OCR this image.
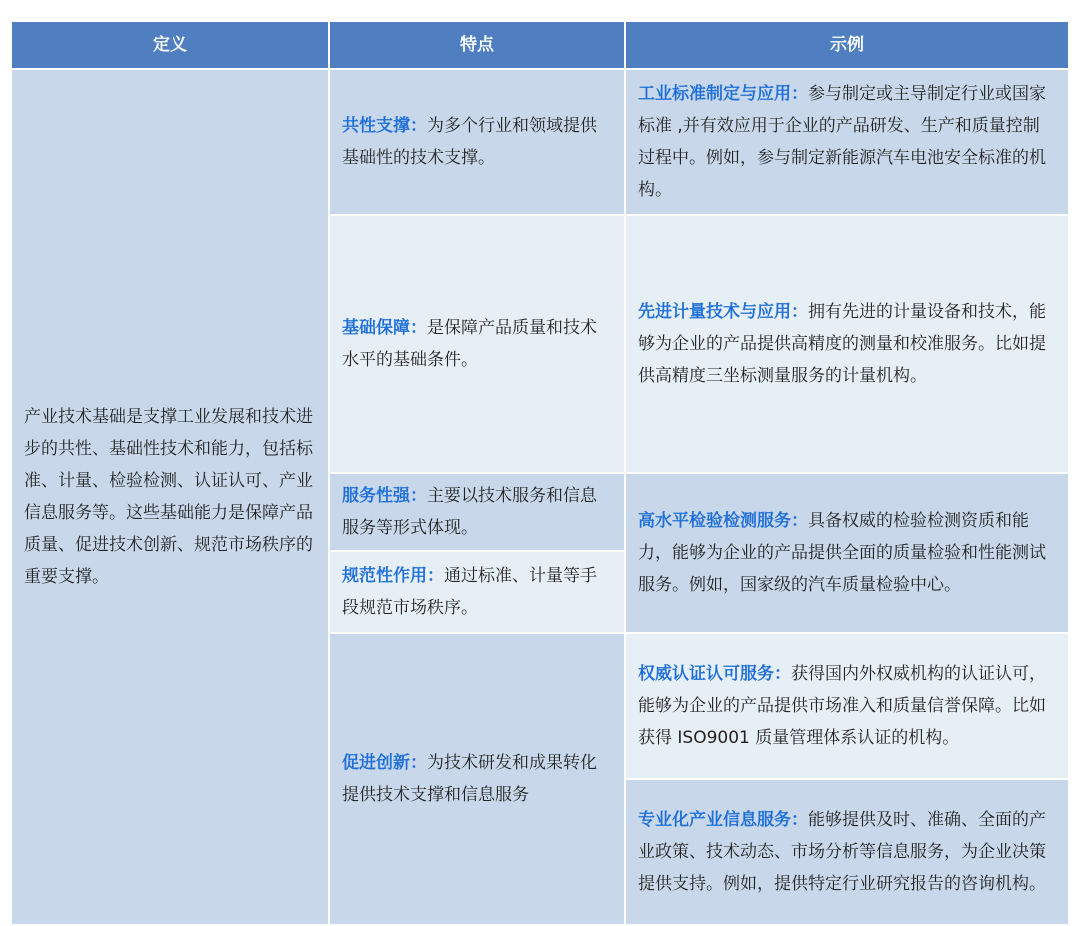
定义	特点	示例
产业技术基础是支撑工业发展和技术进步的共性、基础性技术和能力，包括标准、计量、检验检测、认证认可、产业信息服务等。这些基础能力是保障产品质量、促进技术创新、规范市场秩序的重要支撑。
共性支撑：为多个行业和领域提供基础性的技术支撑。
基础保障：是保障产品质量和技术水平的基础条件。
服务性强：主要以技术服务和信息服务等形式体现。
规范性作用：通过标准、计量等手段规范市场秩序。
促进创新：为技术研发和成果转化提供技术支撑和信息服务
工业标准制定与应用：参与制定或主导制定行业或国家标准 ,并有效应用于企业的产品研发、生产和质量控制过程中。例如，参与制定新能源汽车电池安全标准的机构。
先进计量技术与应用：拥有先进的计量设备和技术，能够为企业的产品提供高精度的测量和校准服务。比如提供高精度三坐标测量服务的计量机构。
高水平检验检测服务：具备权威的检验检测资质和能力，能够为企业的产品提供全面的质量检验和性能测试服务。例如，国家级的汽车质量检验中心。
权威认证认可服务：获得国内外权威机构的认证认可，能够为企业的产品提供市场准入和质量信誉保障。比如获得 ISO9001 质量管理体系认证的机构。
专业化产业信息服务：能够提供及时、准确、全面的产业政策、技术动态、市场分析等信息服务，为企业决策提供支持。例如，提供特定行业研究报告的咨询机构。
